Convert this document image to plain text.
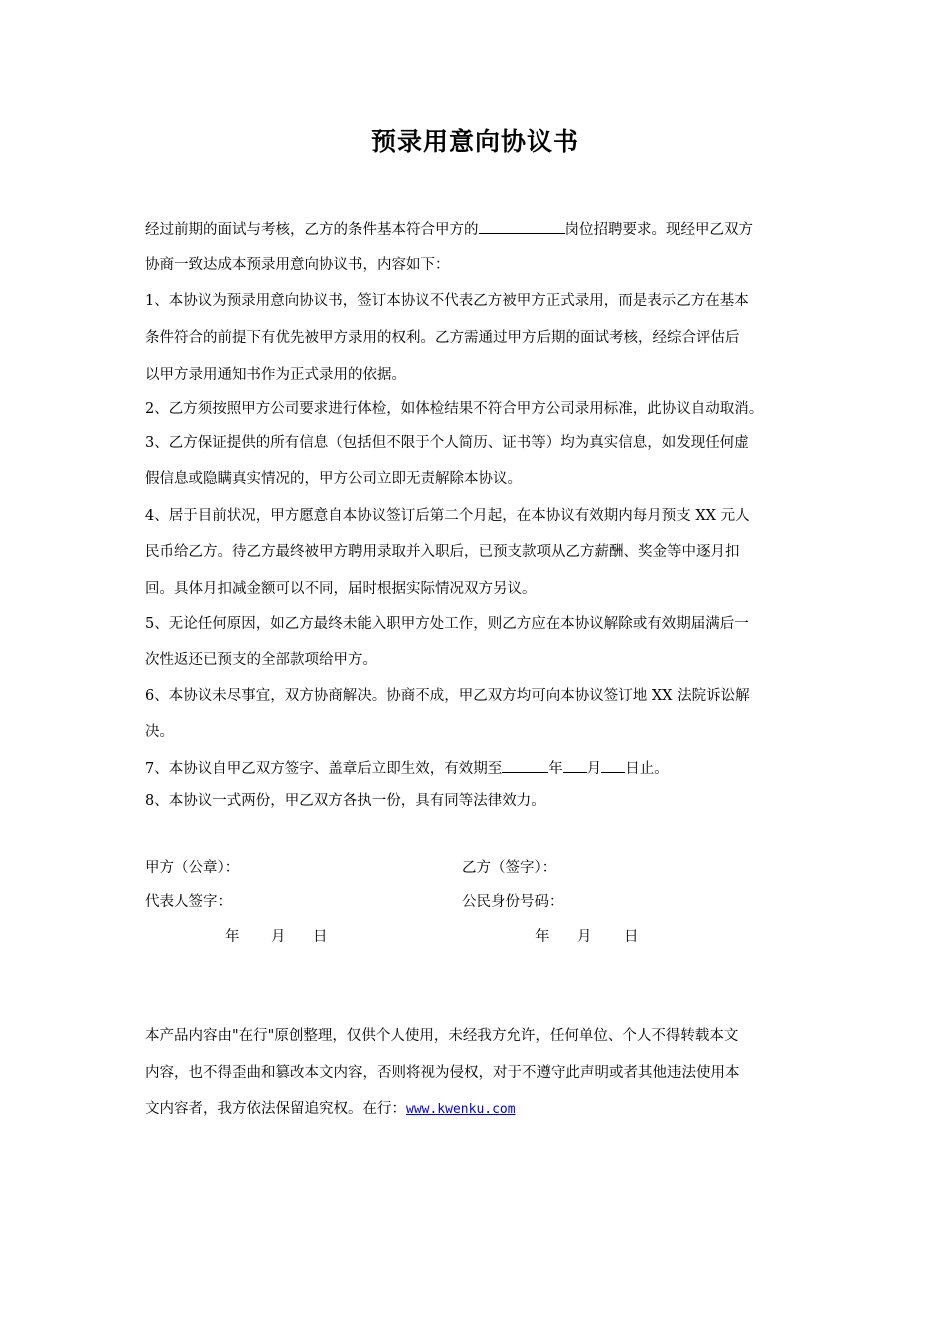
预录用意向协议书
经过前期的面试与考核，乙方的条件基本符合甲方的	岗位招聘要求。现经甲乙双方
协商一致达成本预录用意向协议书，内容如下：
1、本协议为预录用意向协议书，签订本协议不代表乙方被甲方正式录用，而是表示乙方在基本
条件符合的前提下有优先被甲方录用的权利。乙方需通过甲方后期的面试考核，经综合评估后
以甲方录用通知书作为正式录用的依据。
2、乙方须按照甲方公司要求进行体检，如体检结果不符合甲方公司录用标准，此协议自动取消。
3、乙方保证提供的所有信息（包括但不限于个人简历、证书等）均为真实信息，如发现任何虚
假信息或隐瞒真实情况的，甲方公司立即无责解除本协议。
4、居于目前状况，甲方愿意自本协议签订后第二个月起，在本协议有效期内每月预支 XX 元人
民币给乙方。待乙方最终被甲方聘用录取并入职后，已预支款项从乙方薪酬、奖金等中逐月扣
回。具体月扣减金额可以不同，届时根据实际情况双方另议。
5、无论任何原因，如乙方最终未能入职甲方处工作，则乙方应在本协议解除或有效期届满后一
次性返还已预支的全部款项给甲方。
6、本协议未尽事宜，双方协商解决。协商不成，甲乙双方均可向本协议签订地 XX 法院诉讼解
决。
7、本协议自甲乙双方签字、盖章后立即生效，有效期至	年 月 日止。
8、本协议一式两份，甲乙双方各执一份，具有同等法律效力。
甲方（公章）：	乙方（签字）：
代表人签字：	公民身份号码：
年 月 日	年 月 日
本产品内容由"在行"原创整理，仅供个人使用，未经我方允许，任何单位、个人不得转载本文
内容，也不得歪曲和篡改本文内容，否则将视为侵权，对于不遵守此声明或者其他违法使用本
文内容者，我方依法保留追究权。在行：www.kwenku.com
